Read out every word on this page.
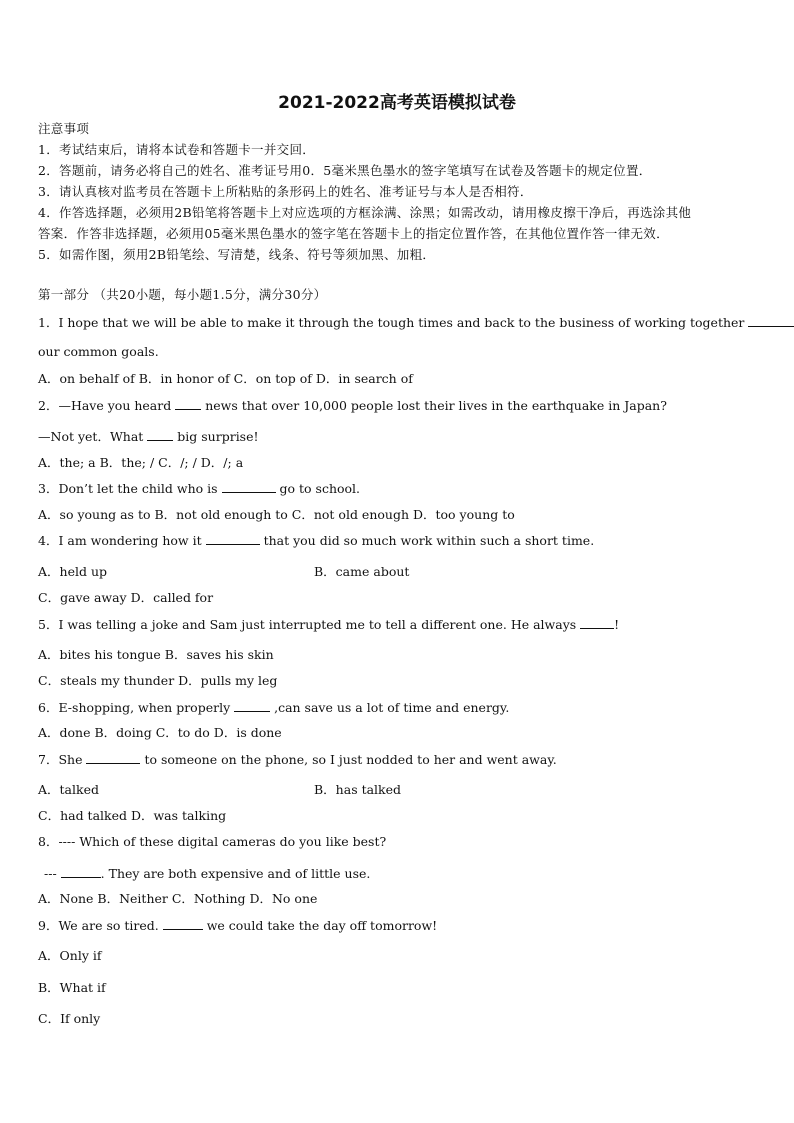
2021-2022高考英语模拟试卷
注意事项
1．考试结束后，请将本试卷和答题卡一并交回．
2．答题前，请务必将自己的姓名、准考证号用0．5毫米黑色墨水的签字笔填写在试卷及答题卡的规定位置．
3．请认真核对监考员在答题卡上所粘贴的条形码上的姓名、准考证号与本人是否相符．
4．作答选择题，必须用2B铅笔将答题卡上对应选项的方框涂满、涂黑；如需改动，请用橡皮擦干净后，再选涂其他
答案．作答非选择题，必须用05毫米黑色墨水的签字笔在答题卡上的指定位置作答，在其他位置作答一律无效．
5．如需作图，须用2B铅笔绘、写清楚，线条、符号等须加黑、加粗．
第一部分 （共20小题，每小题1.5分，满分30分）
1．I hope that we will be able to make it through the tough times and back to the business of working together
our common goals.
A．on behalf of B．in honor of C．on top of D．in search of
2．—Have you heard	news that over 10,000 people lost their lives in the earthquake in Japan?
—Not yet．What	big surprise!
A．the; a B．the; / C．/; / D．/; a
3．Don’t let the child who is	go to school.
A．so young as to B．not old enough to C．not old enough D．too young to
4．I am wondering how it	that you did so much work within such a short time.
A．held up	B．came about
C．gave away D．called for
5．I was telling a joke and Sam just interrupted me to tell a different one. He always	!
A．bites his tongue B．saves his skin
C．steals my thunder D．pulls my leg
6．E-shopping, when properly	,can save us a lot of time and energy.
A．done B．doing C．to do D．is done
7．She	to someone on the phone, so I just nodded to her and went away.
A．talked	B．has talked
C．had talked D．was talking
8．---- Which of these digital cameras do you like best?
---	. They are both expensive and of little use.
A．None B．Neither C．Nothing D．No one
9．We are so tired.	we could take the day off tomorrow!
A．Only if
B．What if
C．If only
